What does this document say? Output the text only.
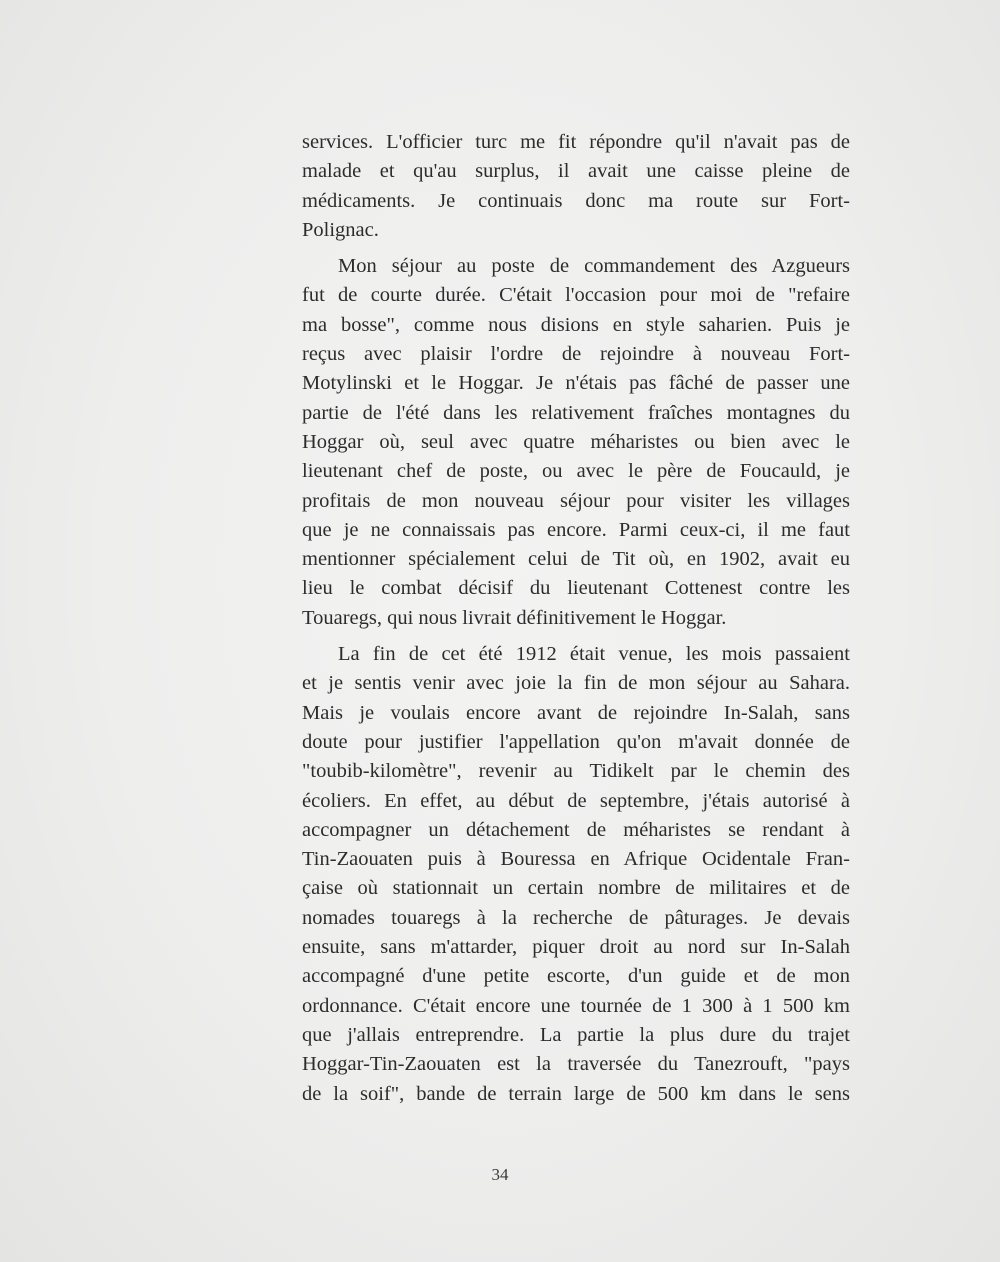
services. L'officier turc me fit répondre qu'il n'avait pas de
malade et qu'au surplus, il avait une caisse pleine de
médicaments. Je continuais donc ma route sur Fort-
Polignac.

Mon séjour au poste de commandement des Azgueurs
fut de courte durée. C'était l'occasion pour moi de "refaire
ma bosse", comme nous disions en style saharien. Puis je
reçus avec plaisir l'ordre de rejoindre à nouveau Fort-
Motylinski et le Hoggar. Je n'étais pas fâché de passer une
partie de l'été dans les relativement fraîches montagnes du
Hoggar où, seul avec quatre méharistes ou bien avec le
lieutenant chef de poste, ou avec le père de Foucauld, je
profitais de mon nouveau séjour pour visiter les villages
que je ne connaissais pas encore. Parmi ceux-ci, il me faut
mentionner spécialement celui de Tit où, en 1902, avait eu
lieu le combat décisif du lieutenant Cottenest contre les
Touaregs, qui nous livrait définitivement le Hoggar.

La fin de cet été 1912 était venue, les mois passaient
et je sentis venir avec joie la fin de mon séjour au Sahara.
Mais je voulais encore avant de rejoindre In-Salah, sans
doute pour justifier l'appellation qu'on m'avait donnée de
"toubib-kilomètre", revenir au Tidikelt par le chemin des
écoliers. En effet, au début de septembre, j'étais autorisé à
accompagner un détachement de méharistes se rendant à
Tin-Zaouaten puis à Bouressa en Afrique Ocidentale Fran-
çaise où stationnait un certain nombre de militaires et de
nomades touaregs à la recherche de pâturages. Je devais
ensuite, sans m'attarder, piquer droit au nord sur In-Salah
accompagné d'une petite escorte, d'un guide et de mon
ordonnance. C'était encore une tournée de 1 300 à 1 500 km
que j'allais entreprendre. La partie la plus dure du trajet
Hoggar-Tin-Zaouaten est la traversée du Tanezrouft, "pays
de la soif", bande de terrain large de 500 km dans le sens

34
